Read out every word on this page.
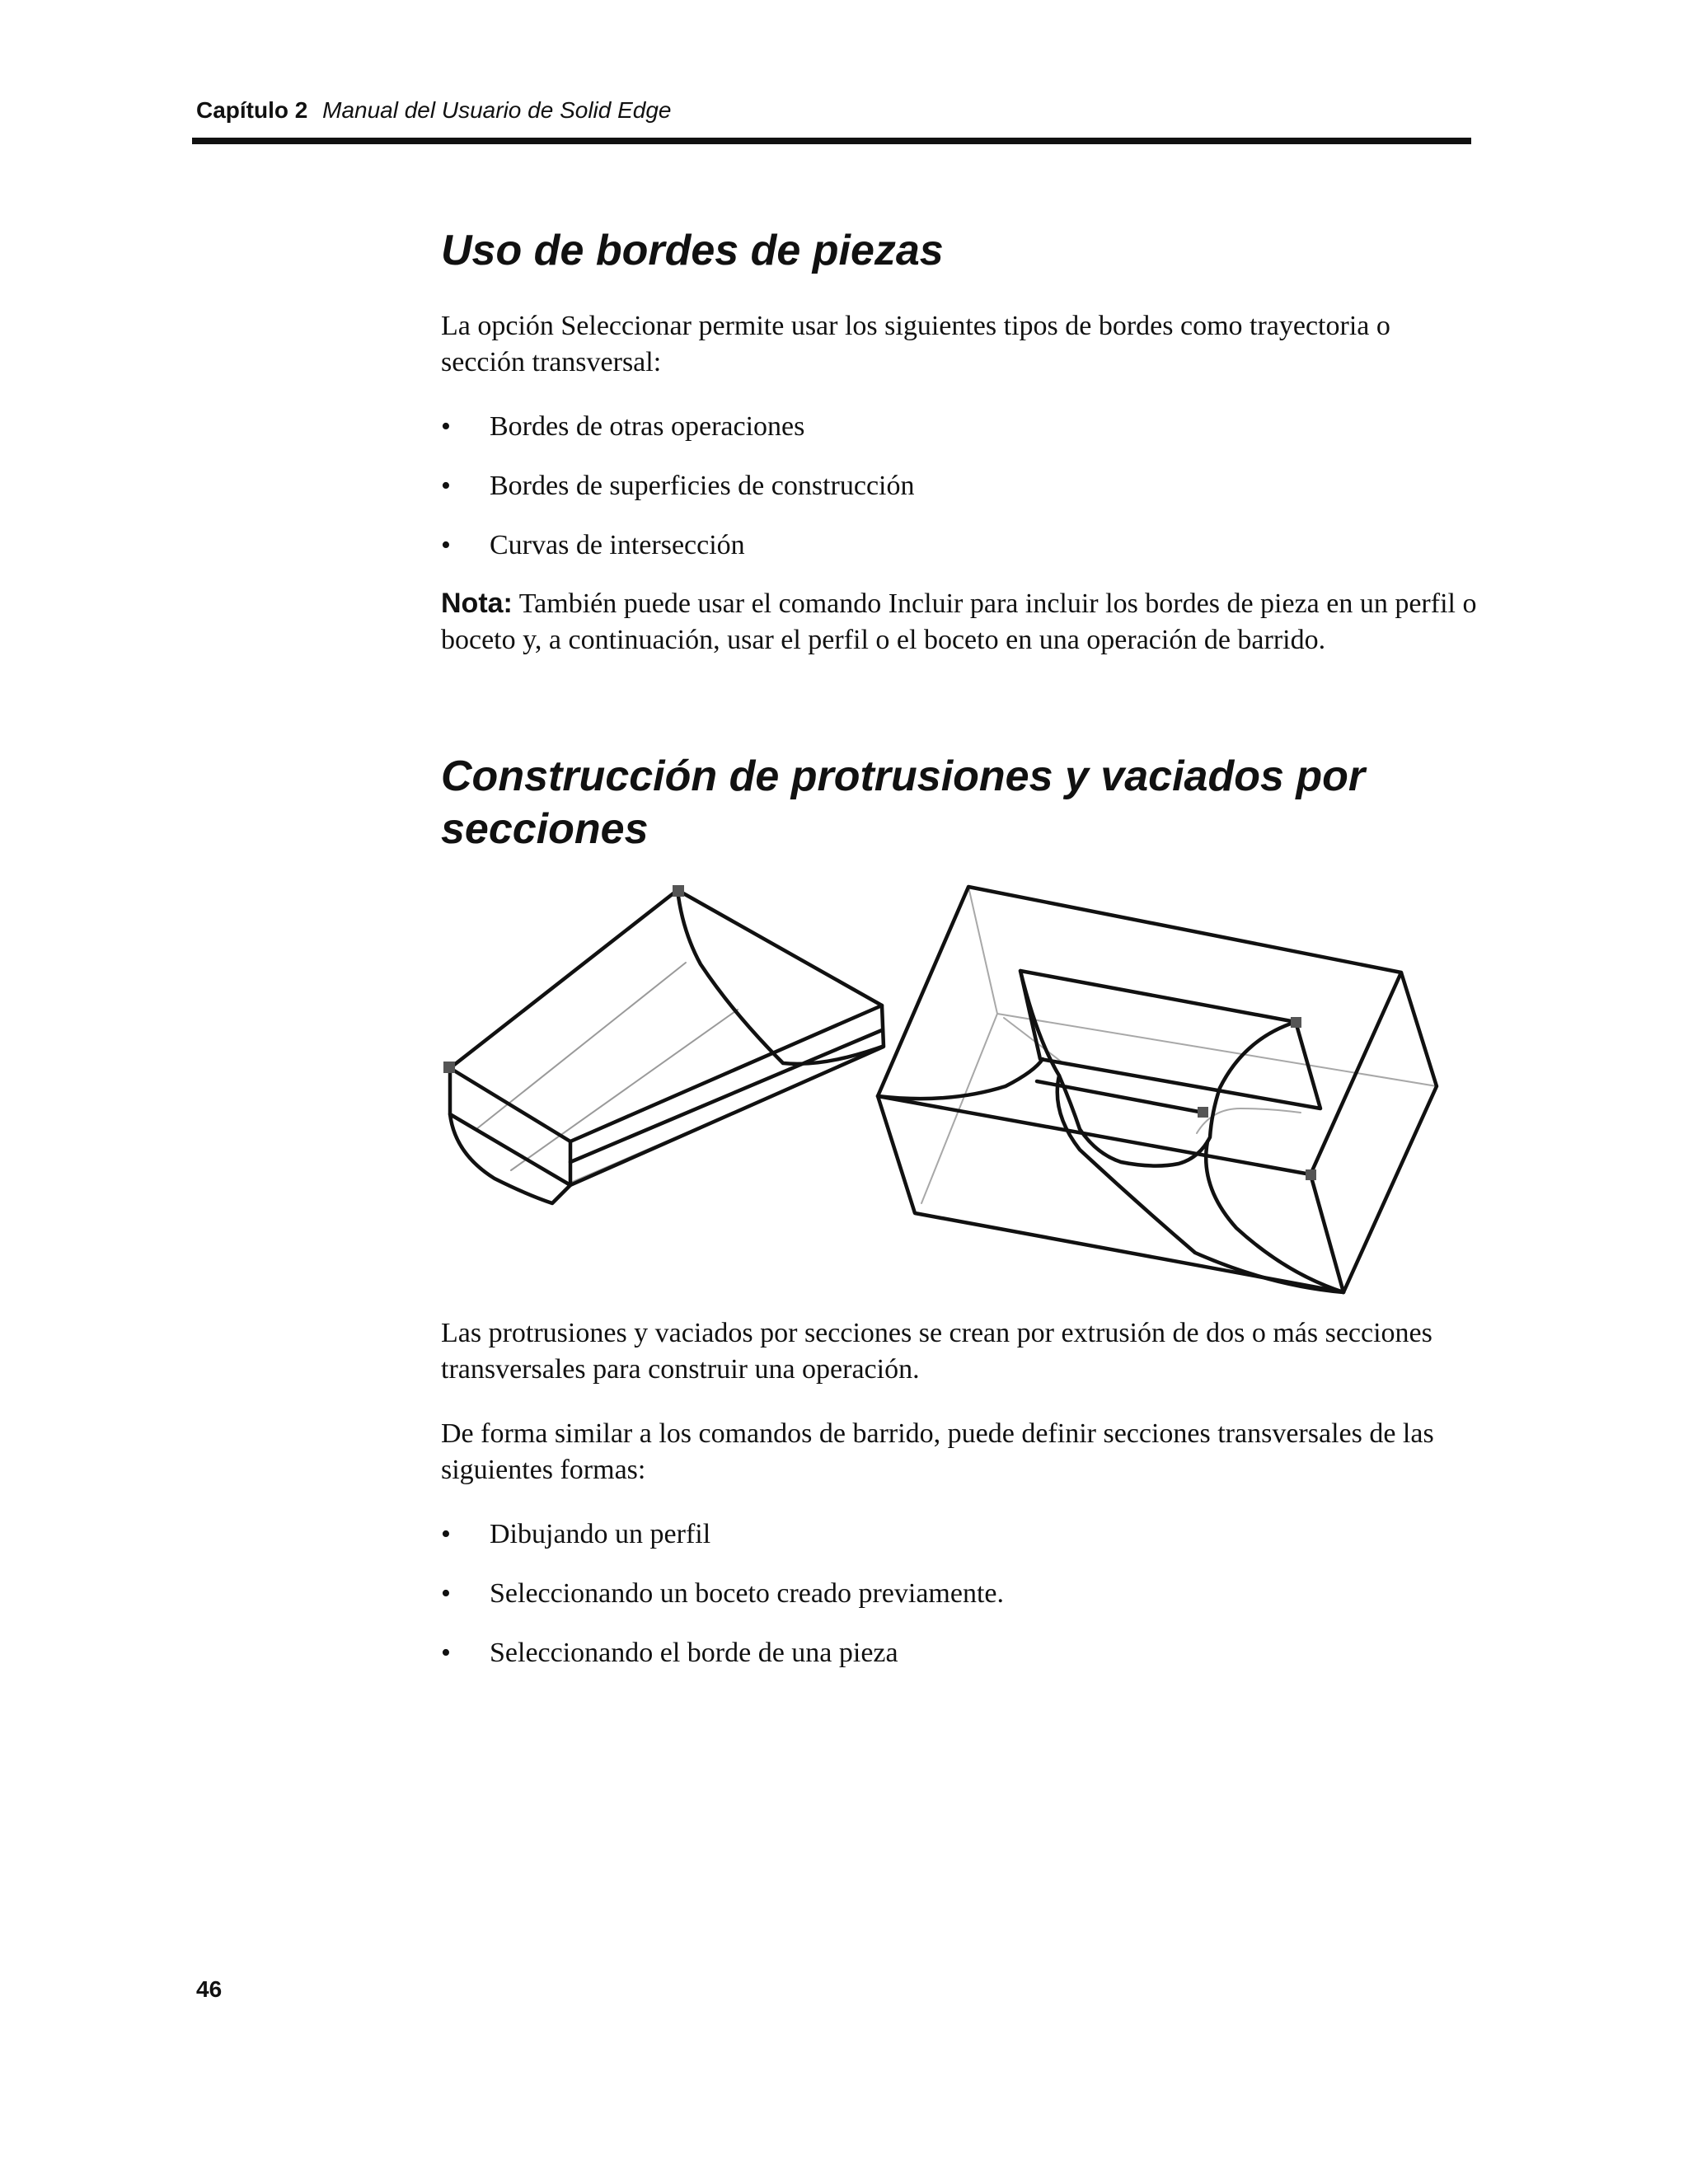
Capítulo 2 Manual del Usuario de Solid Edge
Uso de bordes de piezas

La opción Seleccionar permite usar los siguientes tipos de bordes como trayectoria o sección transversal:

• Bordes de otras operaciones
• Bordes de superficies de construcción
• Curvas de intersección

Nota: También puede usar el comando Incluir para incluir los bordes de pieza en un perfil o boceto y, a continuación, usar el perfil o el boceto en una operación de barrido.

Construcción de protrusiones y vaciados por secciones

Las protrusiones y vaciados por secciones se crean por extrusión de dos o más secciones transversales para construir una operación.

De forma similar a los comandos de barrido, puede definir secciones transversales de las siguientes formas:

• Dibujando un perfil
• Seleccionando un boceto creado previamente.
• Seleccionando el borde de una pieza
46
